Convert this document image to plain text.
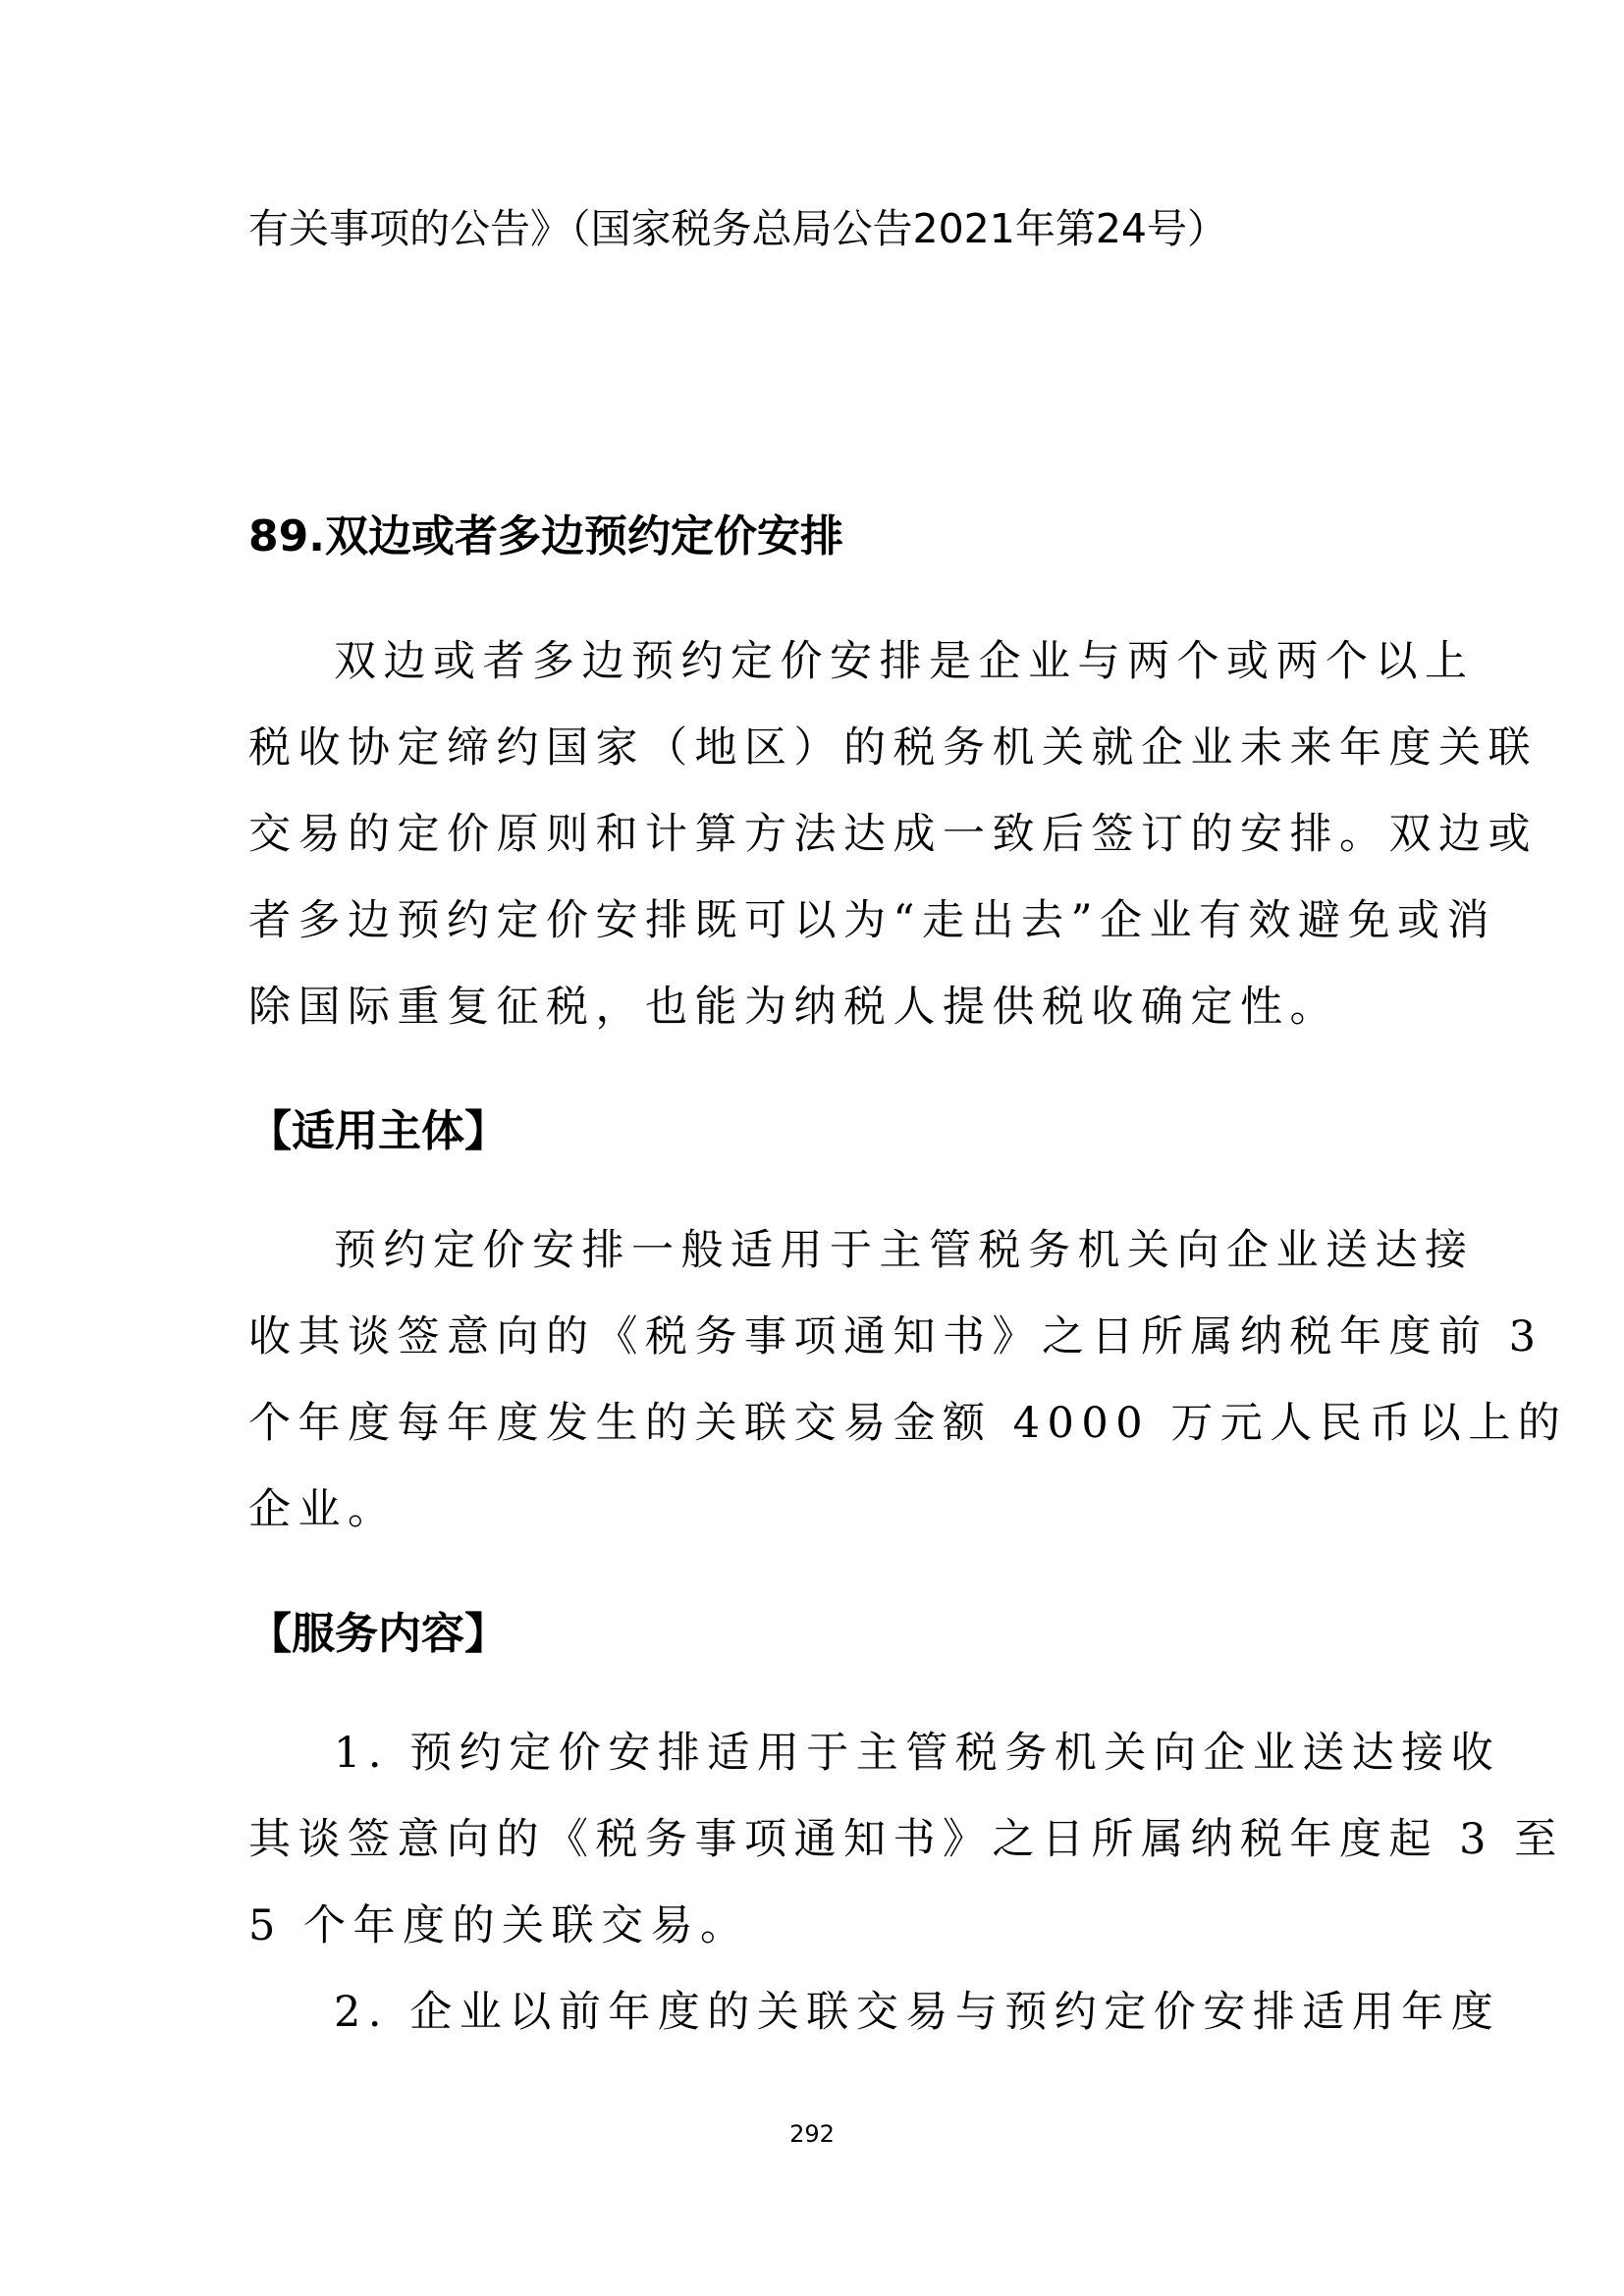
有关事项的公告》（国家税务总局公告2021年第24号）

89.双边或者多边预约定价安排

双边或者多边预约定价安排是企业与两个或两个以上

税收协定缔约国家（地区）的税务机关就企业未来年度关联

交易的定价原则和计算方法达成一致后签订的安排。双边或

者多边预约定价安排既可以为“走出去”企业有效避免或消

除国际重复征税，也能为纳税人提供税收确定性。

【适用主体】

预约定价安排一般适用于主管税务机关向企业送达接

收其谈签意向的《税务事项通知书》之日所属纳税年度前 3

个年度每年度发生的关联交易金额 4000 万元人民币以上的

企业。

【服务内容】

1. 预约定价安排适用于主管税务机关向企业送达接收

其谈签意向的《税务事项通知书》之日所属纳税年度起 3 至

5 个年度的关联交易。

2. 企业以前年度的关联交易与预约定价安排适用年度

292
